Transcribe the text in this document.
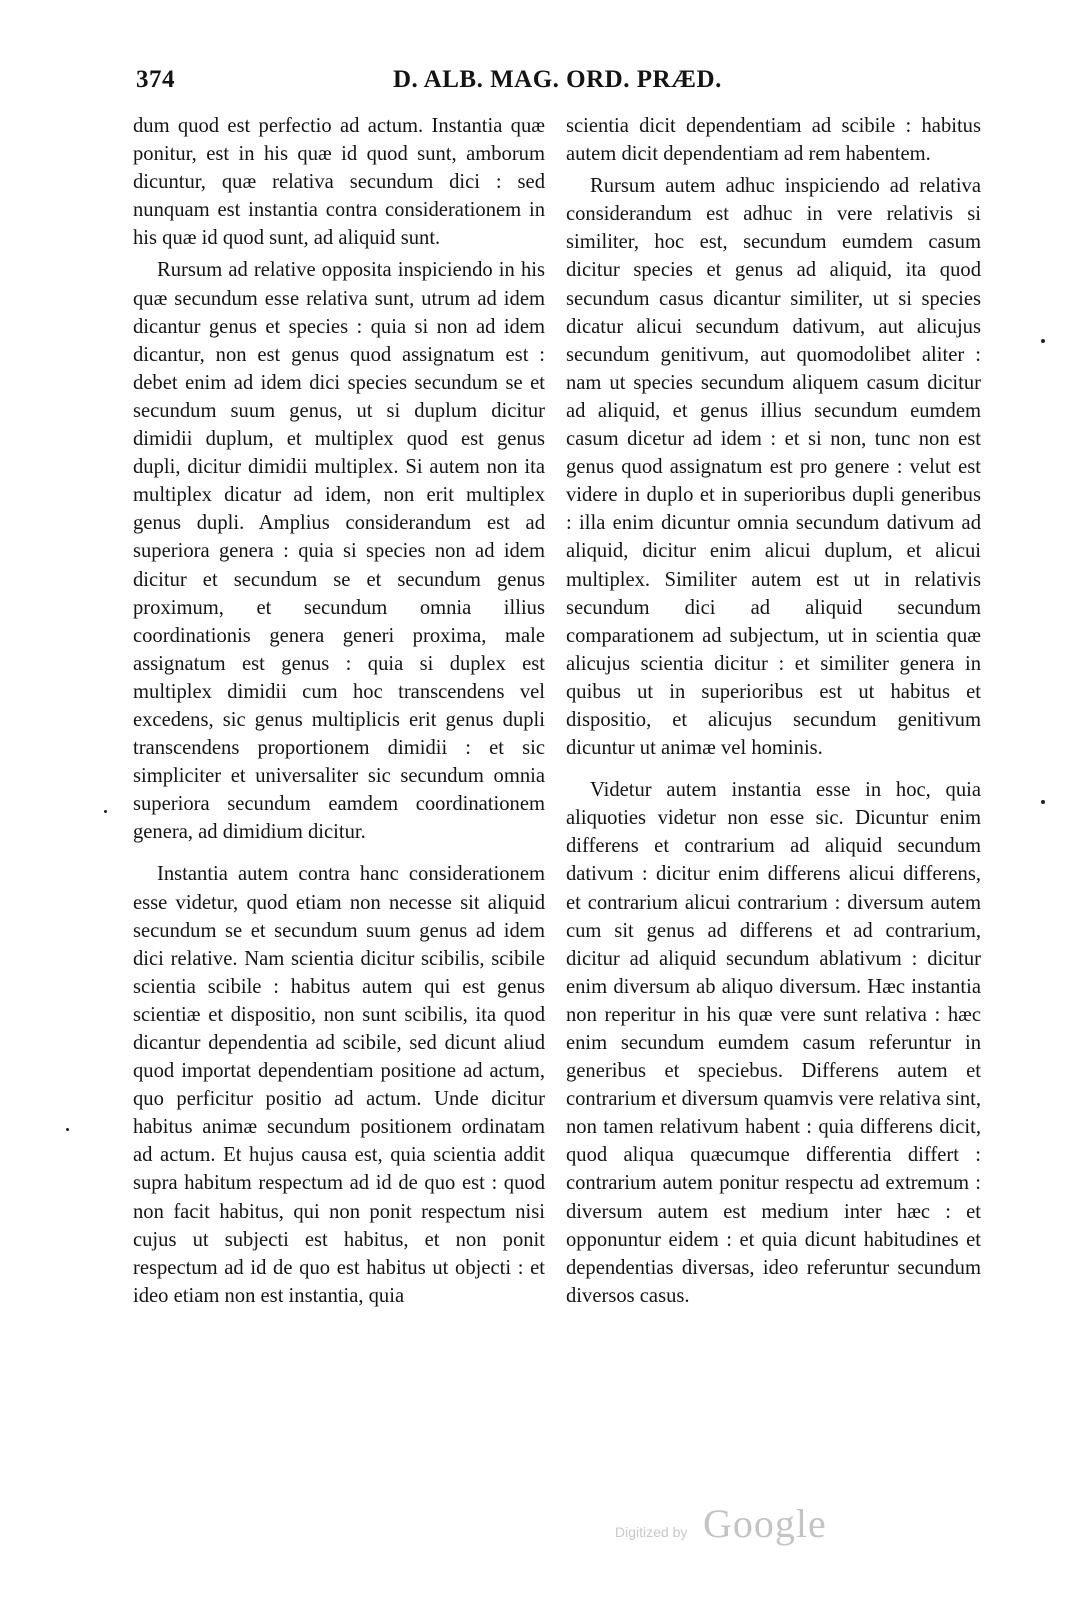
374	D. ALB. MAG. ORD. PRÆD.

dum quod est perfectio ad actum. Instantia quæ ponitur, est in his quæ id quod sunt, amborum dicuntur, quæ relativa secundum dici : sed nunquam est instantia contra considerationem in his quæ id quod sunt, ad aliquid sunt.

Rursum ad relative opposita inspiciendo in his quæ secundum esse relativa sunt, utrum ad idem dicantur genus et species : quia si non ad idem dicantur, non est genus quod assignatum est : debet enim ad idem dici species secundum se et secundum suum genus, ut si duplum dicitur dimidii duplum, et multiplex quod est genus dupli, dicitur dimidii multiplex. Si autem non ita multiplex dicatur ad idem, non erit multiplex genus dupli. Amplius considerandum est ad superiora genera : quia si species non ad idem dicitur et secundum se et secundum genus proximum, et secundum omnia illius coordinationis genera generi proxima, male assignatum est genus : quia si duplex est multiplex dimidii cum hoc transcendens vel excedens, sic genus multiplicis erit genus dupli transcendens proportionem dimidii : et sic simpliciter et universaliter sic secundum omnia superiora secundum eamdem coordinationem genera, ad dimidium dicitur.

Instantia autem contra hanc considerationem esse videtur, quod etiam non necesse sit aliquid secundum se et secundum suum genus ad idem dici relative. Nam scientia dicitur scibilis, scibile scientia scibile : habitus autem qui est genus scientiæ et dispositio, non sunt scibilis, ita quod dicantur dependentia ad scibile, sed dicunt aliud quod importat dependentiam positione ad actum, quo perficitur positio ad actum. Unde dicitur habitus animæ secundum positionem ordinatam ad actum. Et hujus causa est, quia scientia addit supra habitum respectum ad id de quo est : quod non facit habitus, qui non ponit respectum nisi cujus ut subjecti est habitus, et non ponit respectum ad id de quo est habitus ut objecti : et ideo etiam non est instantia, quia

scientia dicit dependentiam ad scibile : habitus autem dicit dependentiam ad rem habentem.

Rursum autem adhuc inspiciendo ad relativa considerandum est adhuc in vere relativis si similiter, hoc est, secundum eumdem casum dicitur species et genus ad aliquid, ita quod secundum casus dicantur similiter, ut si species dicatur alicui secundum dativum, aut alicujus secundum genitivum, aut quomodolibet aliter : nam ut species secundum aliquem casum dicitur ad aliquid, et genus illius secundum eumdem casum dicetur ad idem : et si non, tunc non est genus quod assignatum est pro genere : velut est videre in duplo et in superioribus dupli generibus : illa enim dicuntur omnia secundum dativum ad aliquid, dicitur enim alicui duplum, et alicui multiplex. Similiter autem est ut in relativis secundum dici ad aliquid secundum comparationem ad subjectum, ut in scientia quæ alicujus scientia dicitur : et similiter genera in quibus ut in superioribus est ut habitus et dispositio, et alicujus secundum genitivum dicuntur ut animæ vel hominis.

Videtur autem instantia esse in hoc, quia aliquoties videtur non esse sic. Dicuntur enim differens et contrarium ad aliquid secundum dativum : dicitur enim differens alicui differens, et contrarium alicui contrarium : diversum autem cum sit genus ad differens et ad contrarium, dicitur ad aliquid secundum ablativum : dicitur enim diversum ab aliquo diversum. Hæc instantia non reperitur in his quæ vere sunt relativa : hæc enim secundum eumdem casum referuntur in generibus et speciebus. Differens autem et contrarium et diversum quamvis vere relativa sint, non tamen relativum habent : quia differens dicit, quod aliqua quæcumque differentia differt : contrarium autem ponitur respectu ad extremum : diversum autem est medium inter hæc : et opponuntur eidem : et quia dicunt habitudines et dependentias diversas, ideo referuntur secundum diversos casus.

Digitized by Google
